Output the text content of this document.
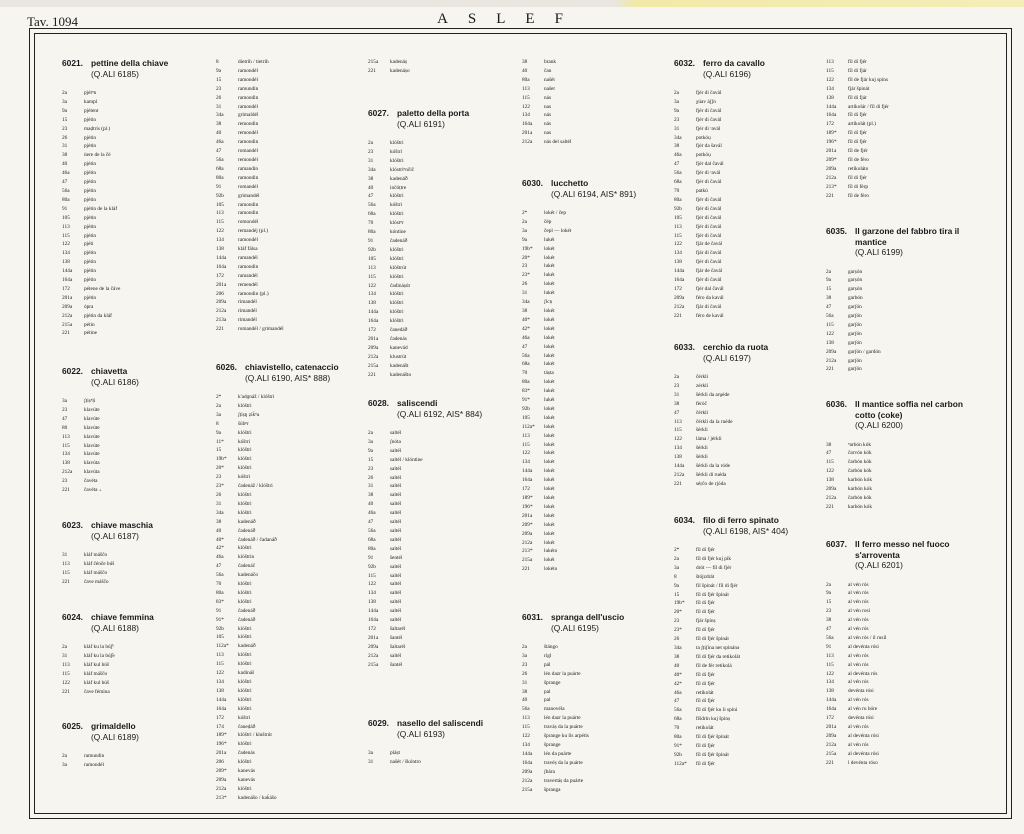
Tav. 1094	ASLEF
6021. pettine della chiave
(Q.ALI 6185)
2a	pjétⁿn
3a	kampl
9a	pjétent
15	pjétin
23	maḍtris (pl.)
26	pjétin
31	pjétin
38	ùere de la čé
40	pjétin
46a	pjétin
47	pjétin
56a	pjétin
80a	pjétin
91	pjétin de la kláf
105	pjétin
113	pjétin
115	pjétin
122	pjéti
134	pjétin
138	pjétin
144a	pjétin
164a	pjétin
172	pétene de la čáve
201a	pjétin
209a	ópra
212a	pjétin da kláf
215a	pétin
221	pétine
6022. chiavetta
(Q.ALI 6186)
3a	ʃṭiṣⁿḷi
23	klavúte
47	klavúte
80	klavúte
113	klavúte
115	klavúte
134	klavúte
138	klavúta
212a	klavúta
23	čavéta
221	čavéta ₊
6023. chiave maschia
(Q.ALI 6187)
31	kláf máščo
113	kláf čénče búš
115	kláf máščo
221	čave máščo
6024. chiave femmina
(Q.ALI 6188)
2a	kláf ku la búʃ̌ᵒ
31	kláf ku la búʃ̌e
113	kláf kul búš
115	kláf máščo
122	kláf kul búš
221	čave fémina
6025. grimaldello
(Q.ALI 6189)
2a	ramundin
3a	ramondél
8	dietrih / tietrih
9a	ramondél
15	ramondél
23	ramundin
26	ramondin
31	ramondél
34a	grimaldél
38	remondin
40	remondél
46a	ramondin
47	romandél
56a	remondél
68a	ramandin
80a	ramondin
91	romandél
92b	grimandél
105	ramondin
113	ramondin
115	romondél
122	remandéj (pl.)
134	ramondél
138	kláf fálsa
144a	ramandél
164a	ramondin
172	ramandél
201a	remendél
206	ramondin (pl.)
209a	rimandél
212a	rimandél
213a	rimandél
221	romandél / grimandél
6026. chiavistello, catenaccio
(Q.ALI 6190, AIS* 888)
2*	k'adɡnáž / klóštri
2a	klóštri
3a	ʃṭiṣŋ ẓiḱⁿa
8	šúbⁿr
9a	klóštri
11*	kóštri
15	klóštri
19b*	klóštri
20*	klóštri
23	kóštri
23*	čadenáž / klóštri
26	klóštri
31	klóštri
34a	klóštri
38	kadenáð
40	čadenáð
40*	čadenáð / čadanáð
42*	klóštri
46a	klóštrin
47	čadenáč
56a	kadenáčo
70	klóštri
80a	klóštri
83*	klóštri
91	čadenáð
91*	čadenáð
92b	klóštri
105	klóštri
112a*	kadenáð
113	klóštri
115	klóštri
122	kadináš
134	klóštri
138	klóštri
144a	klóštri
164a	klóštri
172	kóštri
174	čaneḍáð
189*	klóštri / kluštrút
196*	klóštri
201a	čadenás
206	klóštri
209*	kanevás
209a	kanevás
212a	klóštri
213*	kadenášo / kaḱášo
215a	kadenáṣ
221	kadenáṣo
6027. paletto della porta
(Q.ALI 6191)
2a	klóštri
23	kóštri
31	klóštri
34a	klóstriⁿnčič
38	kadenáð
40	inčóṭtre
47	klóštri
56a	kóštri
68a	klóštri
70	klóstⁿr
80a	kóntine
91	čadenáð
92b	klóštri
105	klóštri
113	klóštrút
115	klóštri
122	čadináṣút
134	klóštri
138	klóštri
144a	klóštri
164a	klóštri
172	čanedáð
201a	čadenás
209a	kanevád
212a	klustrút
215a	kadenášt
221	kadenášto
6028. saliscendi
(Q.ALI 6192, AIS* 884)
2a	saltél
3a	ʃnóta
9a	saltél
15	saltél / klóntine
23	saltél
26	saltél
31	saltél
38	saltél
40	saltél
46a	saltél
47	saltél
56a	saltél
68a	saltél
80a	saltél
91	šentél
92b	saltél
115	saltél
122	saltél
134	saltél
138	saltél
144a	saltél
164a	saltél
172	šaltarél
201a	šantél
209a	šaltarél
212a	saltél
215a	šantél
6029. nasello del saliscendi
(Q.ALI 6193)
3a	pláṣt
31	našét / škóntro
38	brank
40	čan
80a	našét
113	našet
115	nás
122	nas
134	nás
164a	nás
201a	nas
212a	nás del saltél
6030. lucchetto
(Q.ALI 6194, AIS* 891)
2*	lokét / čep
2a	čép
3a	čepl — lokét
9a	lukét
19b*	lokét
20*	lokét
23	lukét
23*	lukét
26	lokét
31	lukét
34a	ʃlcṇ
38	lokét
40*	lokét
42*	lokét
46a	lokét
47	lokét
56a	lukét
68a	lukét
70	táṣta
80a	lokét
83*	lukét
91*	lukét
92b	lokét
105	lokét
112a*	lokét
113	lokét
115	lokét
122	lokét
134	lokét
144a	lokét
164a	lokét
172	lokét
189*	lokét
196*	lokét
201a	lokét
209*	lokét
209a	lokét
212a	lokét
213*	lukéto
215a	lokét
221	lokéto
6031. spranga dell'uscio
(Q.ALI 6195)
2a	štángo
3a	rígl
23	pál
26	lén dazr la puárte
31	šprange
38	pal
40	pal
56a	manovéla
113	lén dazr la puárte
115	traváṣ da la puárte
122	šprange ku lis arpétis
134	šprange
144a	lén da puárte
164a	travéṣ da la puárte
209a	ʃbára
212a	travertáṣ da puárte
215a	špranga
6032. ferro da cavallo
(Q.ALI 6196)
2a	fjér di čavál
3a	χúav áʃʃn
9a	fjér di čavál
23	fjér di čavál
31	fjér di ᶜavál
34a	potkóụ
38	fjér da ŝavál
46a	potkóụ
47	fjér dal čavál
56a	fjér di ᶜavál
68a	fjér di čavál
70	patkú
80a	fjér di čavál
92b	fjér di čavál
105	fjér di čavál
113	fjér di čavál
115	fjér di čavál
122	fjár de čavál
134	fjár di čavál
138	fjér di čavál
144a	fjár de čavál
164a	fjér di čavál
172	fjér dal čavál
209a	féro da kavál
212a	fjár di čavál
221	féro de kavál
6033. cerchio da ruota
(Q.ALI 6197)
2a	čérkli
23	zérkli
31	šérkli da arṵéde
38	fèròč
47	čérkli
113	čérkli da la ruéde
115	šérkli
122	láma / jérkli
134	šérkli
138	šérkli
144a	šérkli da la róde
212a	šérkli di ruéda
221	séṛčo de rjóda
6034. filo di ferro spinato
(Q.ALI 6198, AIS* 404)
2*	fíl di fjér
2a	fíl di fjér kuj pík
3a	drót — fíl di fjér
8	štójzdrát
9a	fil špinát / fil di fjér
15	fíl di fjér špinát
19b*	fíl di fjér
20*	fíl di fjér
23	fjár špínṣ
23*	fíl di fjér
26	fíl di fjér špinát
34a	ta ʃṭiʃina net spinánə
38	fíl di fjér da retikolát
40	fíl de fér retikolá
40*	fíl di fjér
42*	fíl di fjér
46a	retikolát
47	fíl di fjér
56a	fíl di fjér ku li spíni
68a	fíšdrin kuj špinṣ
70	retikolát
80a	fíl di fjér špinát
91*	fíl di fjér
92b	fíl di fjér špinát
112a*	fíl di fjér
113	fíl di fjér
115	fíl di fjár
122	fíl de fjár kuj spíns
134	fjár špinát
138	fíl di fjár
144a	artikolár / fíl di fjér
164a	fíl di fjér
172	artikolát (pl.)
189*	fíl di fjér
196*	fíl di fjér
201a	fíl de fjér
209*	fíl de fèro
209a	retikoláto
212a	fíl di fjér
213*	fíl di fèrp
221	fíl de fèro
6035. Il garzone del fabbro tira il mantice
(Q.ALI 6199)
2a	garṣón
9a	garṣón
15	garṣón
38	garbón
47	garʃón
56a	garʃón
115	garʃón
122	garʃón
138	garʃón
209a	garʃón / gardón
212a	garʃón
221	garʃón
6036. Il mantice soffia nel carbon cotto (coke)
(Q.ALI 6200)
38	ⁿarbón kók
47	čarvón kók
115	čarbón kók
122	čarbón kók
138	karbón kók
209a	karbón kók
212a	čarbón kók
221	karbón kók
6037. Il ferro messo nel fuoco s'arroventa
(Q.ALI 6201)
2a	al vén rós
9a	al vén rós
15	al vén rós
23	al vén rosí
38	al vén rós
47	al vén rós
56a	al vén rós / il rusíl
91	al devénta rósi
113	al vén rós
115	al vén rós
122	al devénta rós
134	al vén rós
138	devénta rósi
144a	al vén rós
164a	al vén ru bóre
172	devénta rósi
201a	al vén rós
209a	al devénta rósi
212a	al vén rós
215a	al devénta rósi
221	l devénta róso
